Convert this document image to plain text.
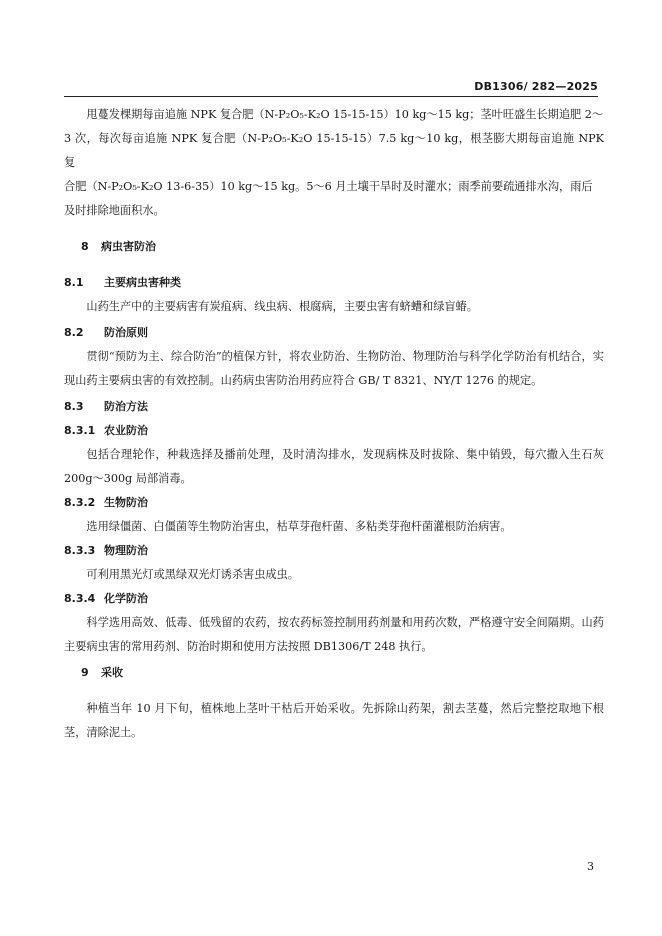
DB1306/ 282—2025

甩蔓发棵期每亩追施 NPK 复合肥（N-P₂O₅-K₂O 15-15-15）10 kg～15 kg；茎叶旺盛生长期追肥 2～

3 次，每次每亩追施 NPK 复合肥（N-P₂O₅-K₂O 15-15-15）7.5 kg～10 kg，根茎膨大期每亩追施 NPK 复

合肥（N-P₂O₅-K₂O 13-6-35）10 kg～15 kg。5～6 月土壤干旱时及时灌水；雨季前要疏通排水沟，雨后

及时排除地面积水。

8 病虫害防治
8.1 主要病虫害种类

山药生产中的主要病害有炭疽病、线虫病、根腐病，主要虫害有蛴螬和绿盲蝽。

8.2 防治原则

贯彻“预防为主、综合防治”的植保方针，将农业防治、生物防治、物理防治与科学化学防治有机结合，实现山药主要病虫害的有效控制。山药病虫害防治用药应符合 GB/ T 8321、NY/T 1276 的规定。

8.3 防治方法
8.3.1 农业防治

包括合理轮作，种栽选择及播前处理，及时清沟排水，发现病株及时拔除、集中销毁，每穴撒入生石灰 200g～300g 局部消毒。

8.3.2 生物防治

选用绿僵菌、白僵菌等生物防治害虫，枯草芽孢杆菌、多粘类芽孢杆菌灌根防治病害。

8.3.3 物理防治

可利用黑光灯或黑绿双光灯诱杀害虫成虫。

8.3.4 化学防治

科学选用高效、低毒、低残留的农药，按农药标签控制用药剂量和用药次数，严格遵守安全间隔期。山药主要病虫害的常用药剂、防治时期和使用方法按照 DB1306/T 248 执行。

9 采收

种植当年 10 月下旬，植株地上茎叶干枯后开始采收。先拆除山药架，割去茎蔓，然后完整挖取地下根茎，清除泥土。

3
